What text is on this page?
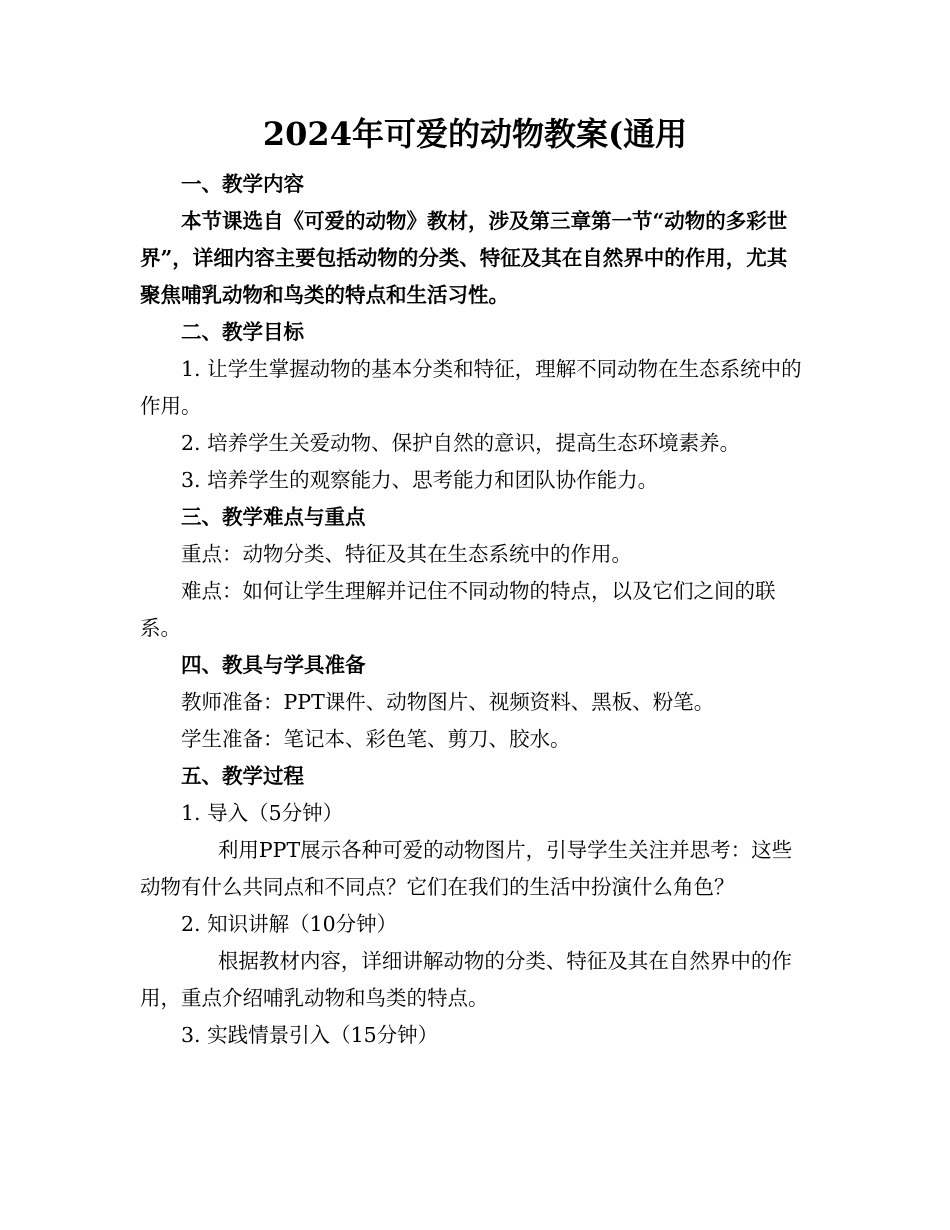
2024年可爱的动物教案(通用

一、教学内容

本节课选自《可爱的动物》教材，涉及第三章第一节“动物的多彩世界”，详细内容主要包括动物的分类、特征及其在自然界中的作用，尤其聚焦哺乳动物和鸟类的特点和生活习性。

二、教学目标

1. 让学生掌握动物的基本分类和特征，理解不同动物在生态系统中的作用。

2. 培养学生关爱动物、保护自然的意识，提高生态环境素养。

3. 培养学生的观察能力、思考能力和团队协作能力。

三、教学难点与重点

重点：动物分类、特征及其在生态系统中的作用。

难点：如何让学生理解并记住不同动物的特点，以及它们之间的联系。

四、教具与学具准备

教师准备：PPT课件、动物图片、视频资料、黑板、粉笔。

学生准备：笔记本、彩色笔、剪刀、胶水。

五、教学过程

1. 导入（5分钟）

利用PPT展示各种可爱的动物图片，引导学生关注并思考：这些动物有什么共同点和不同点？它们在我们的生活中扮演什么角色？

2. 知识讲解（10分钟）

根据教材内容，详细讲解动物的分类、特征及其在自然界中的作用，重点介绍哺乳动物和鸟类的特点。

3. 实践情景引入（15分钟）
